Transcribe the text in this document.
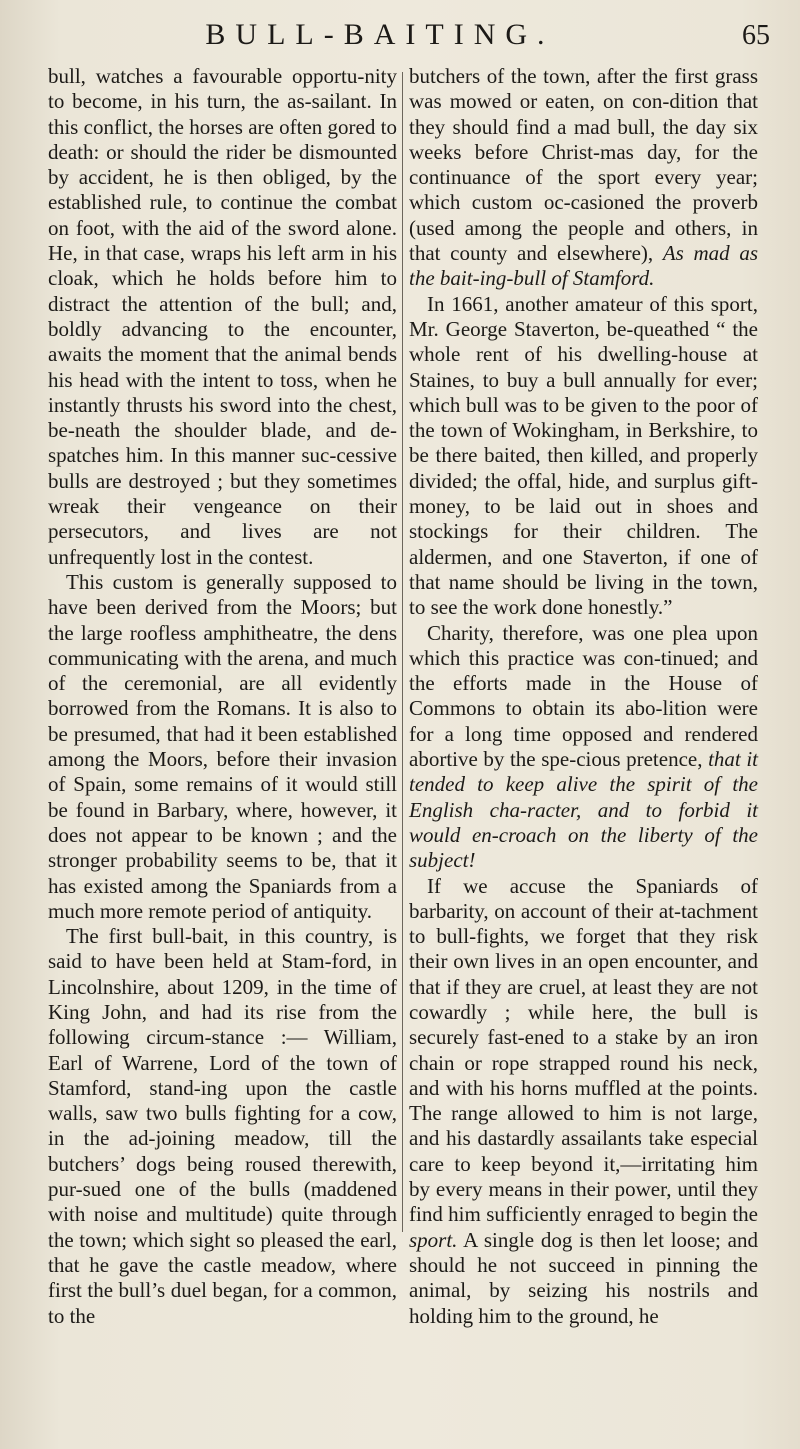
BULL-BAITING.	65

bull, watches a favourable opportu-nity to become, in his turn, the as-sailant. In this conflict, the horses are often gored to death: or should the rider be dismounted by accident, he is then obliged, by the established rule, to continue the combat on foot, with the aid of the sword alone. He, in that case, wraps his left arm in his cloak, which he holds before him to distract the attention of the bull; and, boldly advancing to the encounter, awaits the moment that the animal bends his head with the intent to toss, when he instantly thrusts his sword into the chest, be-neath the shoulder blade, and de-spatches him. In this manner suc-cessive bulls are destroyed ; but they sometimes wreak their vengeance on their persecutors, and lives are not unfrequently lost in the contest.

This custom is generally supposed to have been derived from the Moors; but the large roofless amphitheatre, the dens communicating with the arena, and much of the ceremonial, are all evidently borrowed from the Romans. It is also to be presumed, that had it been established among the Moors, before their invasion of Spain, some remains of it would still be found in Barbary, where, however, it does not appear to be known ; and the stronger probability seems to be, that it has existed among the Spaniards from a much more remote period of antiquity.

The first bull-bait, in this country, is said to have been held at Stam-ford, in Lincolnshire, about 1209, in the time of King John, and had its rise from the following circum-stance :— William, Earl of Warrene, Lord of the town of Stamford, stand-ing upon the castle walls, saw two bulls fighting for a cow, in the ad-joining meadow, till the butchers’ dogs being roused therewith, pur-sued one of the bulls (maddened with noise and multitude) quite through the town; which sight so pleased the earl, that he gave the castle meadow, where first the bull’s duel began, for a common, to the

butchers of the town, after the first grass was mowed or eaten, on con-dition that they should find a mad bull, the day six weeks before Christ-mas day, for the continuance of the sport every year; which custom oc-casioned the proverb (used among the people and others, in that county and elsewhere), As mad as the bait-ing-bull of Stamford.

In 1661, another amateur of this sport, Mr. George Staverton, be-queathed “ the whole rent of his dwelling-house at Staines, to buy a bull annually for ever; which bull was to be given to the poor of the town of Wokingham, in Berkshire, to be there baited, then killed, and properly divided; the offal, hide, and surplus gift-money, to be laid out in shoes and stockings for their children. The aldermen, and one Staverton, if one of that name should be living in the town, to see the work done honestly.”

Charity, therefore, was one plea upon which this practice was con-tinued; and the efforts made in the House of Commons to obtain its abo-lition were for a long time opposed and rendered abortive by the spe-cious pretence, that it tended to keep alive the spirit of the English cha-racter, and to forbid it would en-croach on the liberty of the subject!

If we accuse the Spaniards of barbarity, on account of their at-tachment to bull-fights, we forget that they risk their own lives in an open encounter, and that if they are cruel, at least they are not cowardly ; while here, the bull is securely fast-ened to a stake by an iron chain or rope strapped round his neck, and with his horns muffled at the points. The range allowed to him is not large, and his dastardly assailants take especial care to keep beyond it,—irritating him by every means in their power, until they find him sufficiently enraged to begin the sport. A single dog is then let loose; and should he not succeed in pinning the animal, by seizing his nostrils and holding him to the ground, he
